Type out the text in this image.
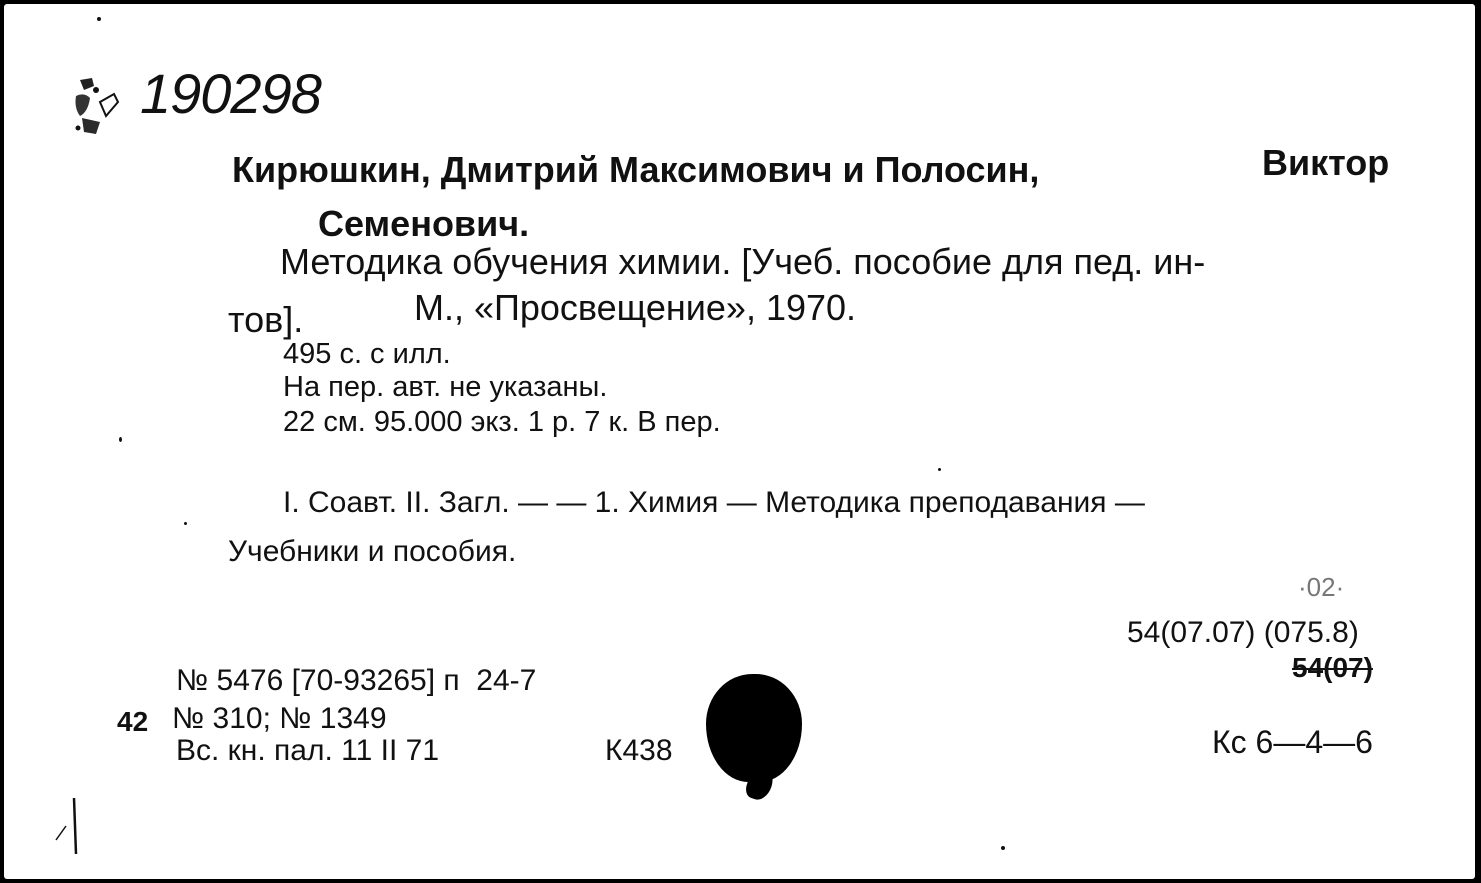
190298
Кирюшкин, Дмитрий Максимович и Полосин,	Виктор
Семенович.
Методика обучения химии. [Учеб. пособие для пед. ин-
тов].	М., «Просвещение», 1970.
495 с. с илл.
На пер. авт. не указаны.
22 см. 95.000 экз. 1 р. 7 к. В пер.
I. Соавт. II. Загл. — — 1. Химия — Методика преподавания —
Учебники и пособия.
·02·
54(07.07) (075.8)
54(07)
Кс 6—4—6
№ 5476 [70-93265] п  24-7
42 № 310; № 1349
Вс. кн. пал. 11 II 71	К438
